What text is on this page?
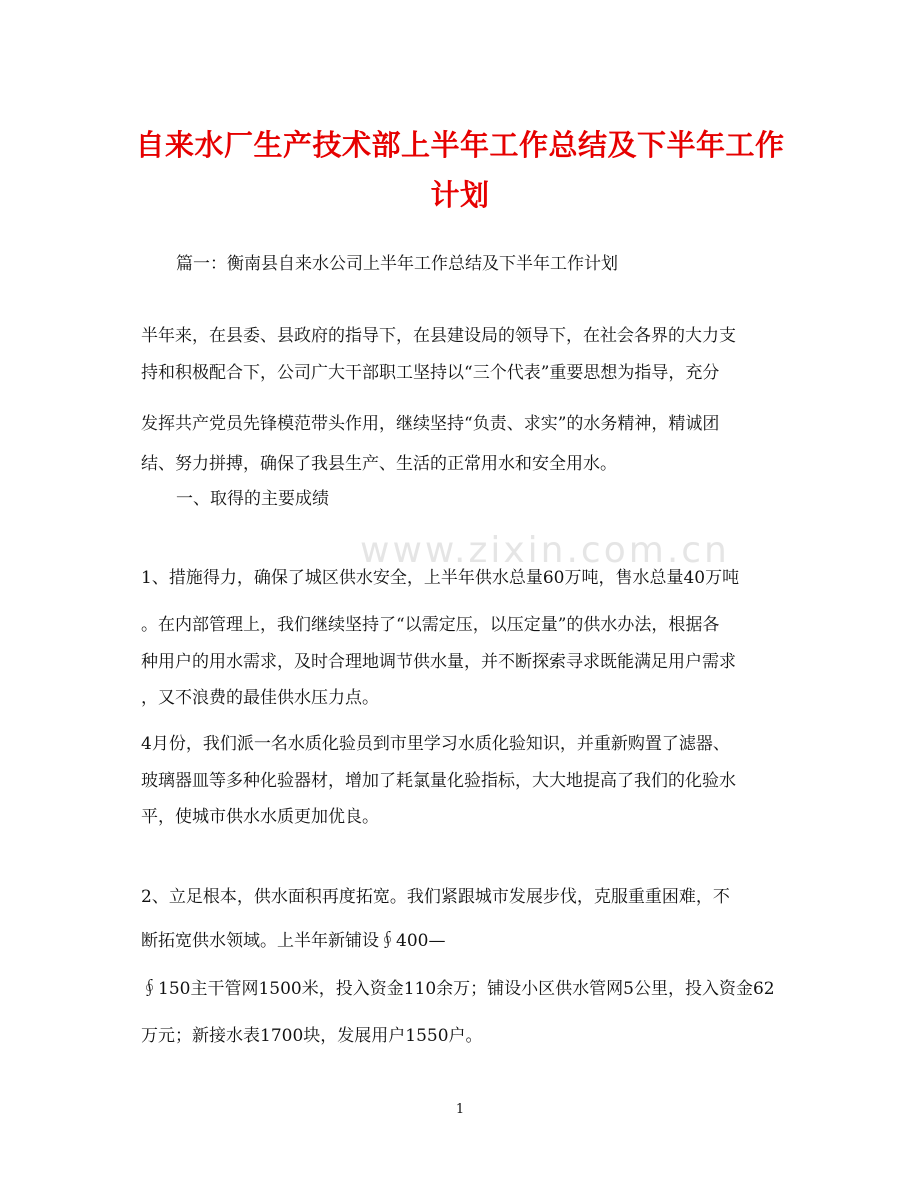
自来水厂生产技术部上半年工作总结及下半年工作计划
篇一：衡南县自来水公司上半年工作总结及下半年工作计划
半年来，在县委、县政府的指导下，在县建设局的领导下，在社会各界的大力支
持和积极配合下，公司广大干部职工坚持以“三个代表”重要思想为指导，充分
发挥共产党员先锋模范带头作用，继续坚持“负责、求实”的水务精神，精诚团
结、努力拼搏，确保了我县生产、生活的正常用水和安全用水。
一、取得的主要成绩
www.zixin.com.cn
1、措施得力，确保了城区供水安全，上半年供水总量60万吨，售水总量40万吨
。在内部管理上，我们继续坚持了“以需定压，以压定量”的供水办法，根据各
种用户的用水需求，及时合理地调节供水量，并不断探索寻求既能满足用户需求
，又不浪费的最佳供水压力点。
4月份，我们派一名水质化验员到市里学习水质化验知识，并重新购置了滤器、
玻璃器皿等多种化验器材，增加了耗氯量化验指标，大大地提高了我们的化验水
平，使城市供水水质更加优良。
2、立足根本，供水面积再度拓宽。我们紧跟城市发展步伐，克服重重困难，不
断拓宽供水领域。上半年新铺设∮400—
∮150主干管网1500米，投入资金110余万；铺设小区供水管网5公里，投入资金62
万元；新接水表1700块，发展用户1550户。
1
